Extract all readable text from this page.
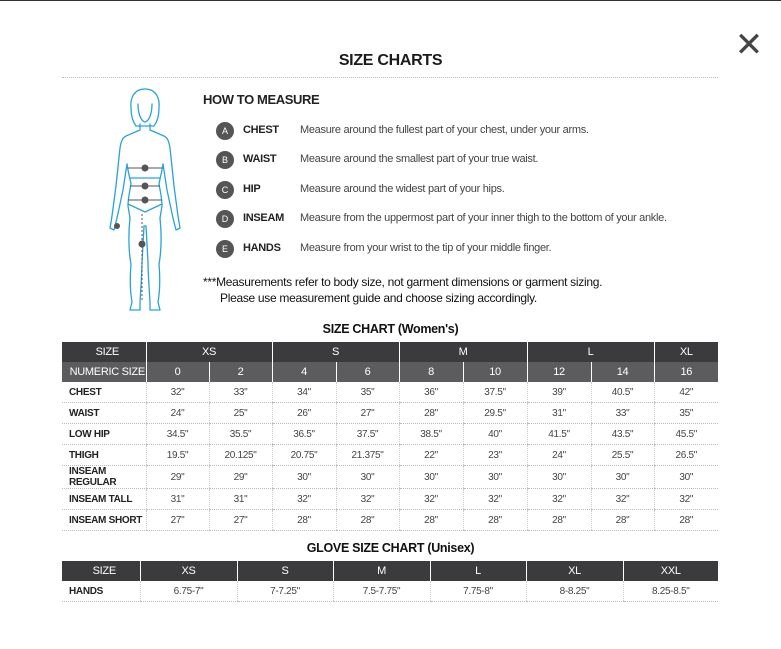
✕
SIZE CHARTS
HOW TO MEASURE
A	CHEST Measure around the fullest part of your chest, under your arms.
B	WAIST Measure around the smallest part of your true waist.
C	HIP	Measure around the widest part of your hips.
D	INSEAM Measure from the uppermost part of your inner thigh to the bottom of your ankle.
E	HANDS Measure from your wrist to the tip of your middle finger.
***Measurements refer to body size, not garment dimensions or garment sizing.
Please use measurement guide and choose sizing accordingly.
SIZE CHART (Women's)
SIZE	XS		S		M		L		XL
NUMERIC SIZE	0	2	4	6	8	10	12	14	16
CHEST	32"	33"	34"	35"	36"	37.5"	39"	40.5"	42"
WAIST	24"	25"	26"	27"	28"	29.5"	31"	33"	35"
LOW HIP	34.5"	35.5"	36.5"	37.5"	38.5"	40"	41.5"	43.5"	45.5"
THIGH	19.5"	20.125"	20.75"	21.375"	22"	23"	24"	25.5"	26.5"
INSEAM REGULAR	29"	29"	30"	30"	30"	30"	30"	30"	30"
INSEAM TALL	31"	31"	32"	32"	32"	32"	32"	32"	32"
INSEAM SHORT	27"	27"	28"	28"	28"	28"	28"	28"	28"
GLOVE SIZE CHART (Unisex)
SIZE	XS	S	M	L	XL	XXL
HANDS	6.75-7"	7-7.25"	7.5-7.75"	7.75-8"	8-8.25"	8.25-8.5"
